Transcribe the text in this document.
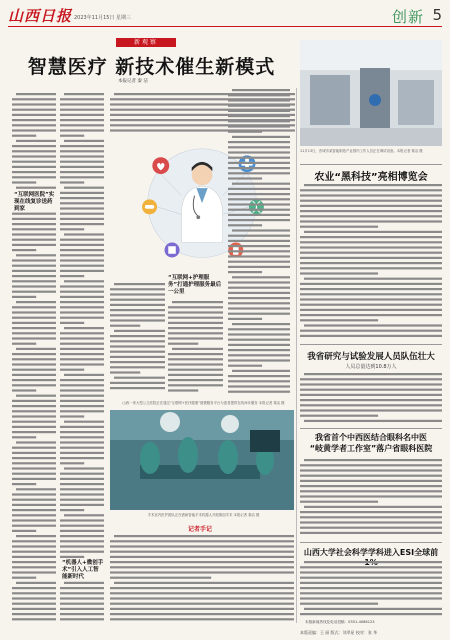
山西日报 2023年11月15日 星期三	创新 5
新观察
智慧医疗 新技术催生新模式
本报记者 秦 洁
“互联网医院”实现在线复诊送药到家
“机器人+微创手术”引入人工智能新时代
“互联网+护理服务”打通护理服务最后一公里
山西一家大型公立医院正在通过“互联网+医疗健康”便捷服务平台为患者提供在线问诊服务 本报记者 秦洁 摄
手术室内医护团队正在借助智能手术机器人开展微创手术 本报记者 秦洁 摄
记者手记
11月13日，晋城市某智能制造产业园内工作人员正在调试设备。本报记者 秦洁 摄
农业“黑科技”亮相博览会
我省研究与试验发展人员队伍壮大
人员总量达到10.8万人
我省首个中西医结合眼科名中医
“岐黄学者工作室”落户省眼科医院
山西大学社会科学学科进入ESI全球前
本版新闻热线及电话投稿：0351-4086123
本版责编：王 丽 版式：刘翠星 校对：张 华
